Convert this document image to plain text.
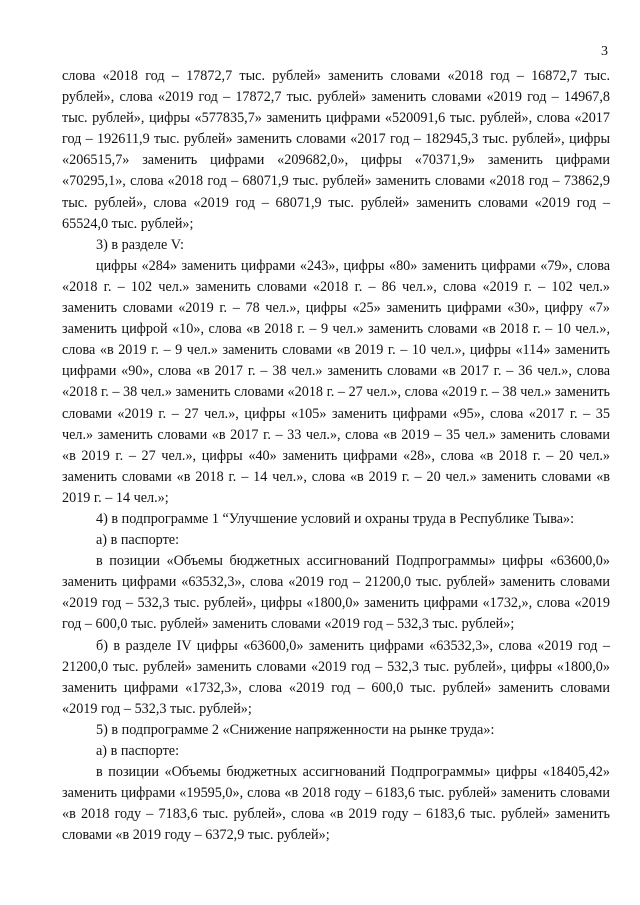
3

слова «2018 год – 17872,7 тыс. рублей» заменить словами «2018 год – 16872,7 тыс. рублей», слова «2019 год – 17872,7 тыс. рублей» заменить словами «2019 год – 14967,8 тыс. рублей», цифры «577835,7» заменить цифрами «520091,6 тыс. рублей», слова «2017 год – 192611,9 тыс. рублей» заменить словами «2017 год – 182945,3 тыс. рублей», цифры «206515,7» заменить цифрами «209682,0», цифры «70371,9» заменить цифрами «70295,1», слова «2018 год – 68071,9 тыс. рублей» заменить словами «2018 год – 73862,9 тыс. рублей», слова «2019 год – 68071,9 тыс. рублей» заменить словами «2019 год – 65524,0 тыс. рублей»;

3) в разделе V:

цифры «284» заменить цифрами «243», цифры «80» заменить цифрами «79», слова «2018 г. – 102 чел.» заменить словами «2018 г. – 86 чел.», слова «2019 г. – 102 чел.» заменить словами «2019 г. – 78 чел.», цифры «25» заменить цифрами «30», цифру «7» заменить цифрой «10», слова «в 2018 г. – 9 чел.» заменить словами «в 2018 г. – 10 чел.», слова «в 2019 г. – 9 чел.» заменить словами «в 2019 г. – 10 чел.», цифры «114» заменить цифрами «90», слова «в 2017 г. – 38 чел.» заменить словами «в 2017 г. – 36 чел.», слова «2018 г. – 38 чел.» заменить словами «2018 г. – 27 чел.», слова «2019 г. – 38 чел.» заменить словами «2019 г. – 27 чел.», цифры «105» заменить цифрами «95», слова «2017 г. – 35 чел.» заменить словами «в 2017 г. – 33 чел.», слова «в 2019 – 35 чел.» заменить словами «в 2019 г. – 27 чел.», цифры «40» заменить цифрами «28», слова «в 2018 г. – 20 чел.» заменить словами «в 2018 г. – 14 чел.», слова «в 2019 г. – 20 чел.» заменить словами «в 2019 г. – 14 чел.»;

4) в подпрограмме 1 “Улучшение условий и охраны труда в Республике Тыва»:

а) в паспорте:

в позиции «Объемы бюджетных ассигнований Подпрограммы» цифры «63600,0» заменить цифрами «63532,3», слова «2019 год – 21200,0 тыс. рублей» заменить словами «2019 год – 532,3 тыс. рублей», цифры «1800,0» заменить цифрами «1732,», слова «2019 год – 600,0 тыс. рублей» заменить словами «2019 год – 532,3 тыс. рублей»;

б) в разделе IV цифры «63600,0» заменить цифрами «63532,3», слова «2019 год – 21200,0 тыс. рублей» заменить словами «2019 год – 532,3 тыс. рублей», цифры «1800,0» заменить цифрами «1732,3», слова «2019 год – 600,0 тыс. рублей» заменить словами «2019 год – 532,3 тыс. рублей»;

5) в подпрограмме 2 «Снижение напряженности на рынке труда»:

а) в паспорте:

в позиции «Объемы бюджетных ассигнований Подпрограммы» цифры «18405,42» заменить цифрами «19595,0», слова «в 2018 году – 6183,6 тыс. рублей» заменить словами «в 2018 году – 7183,6 тыс. рублей», слова «в 2019 году – 6183,6 тыс. рублей» заменить словами «в 2019 году – 6372,9 тыс. рублей»;
